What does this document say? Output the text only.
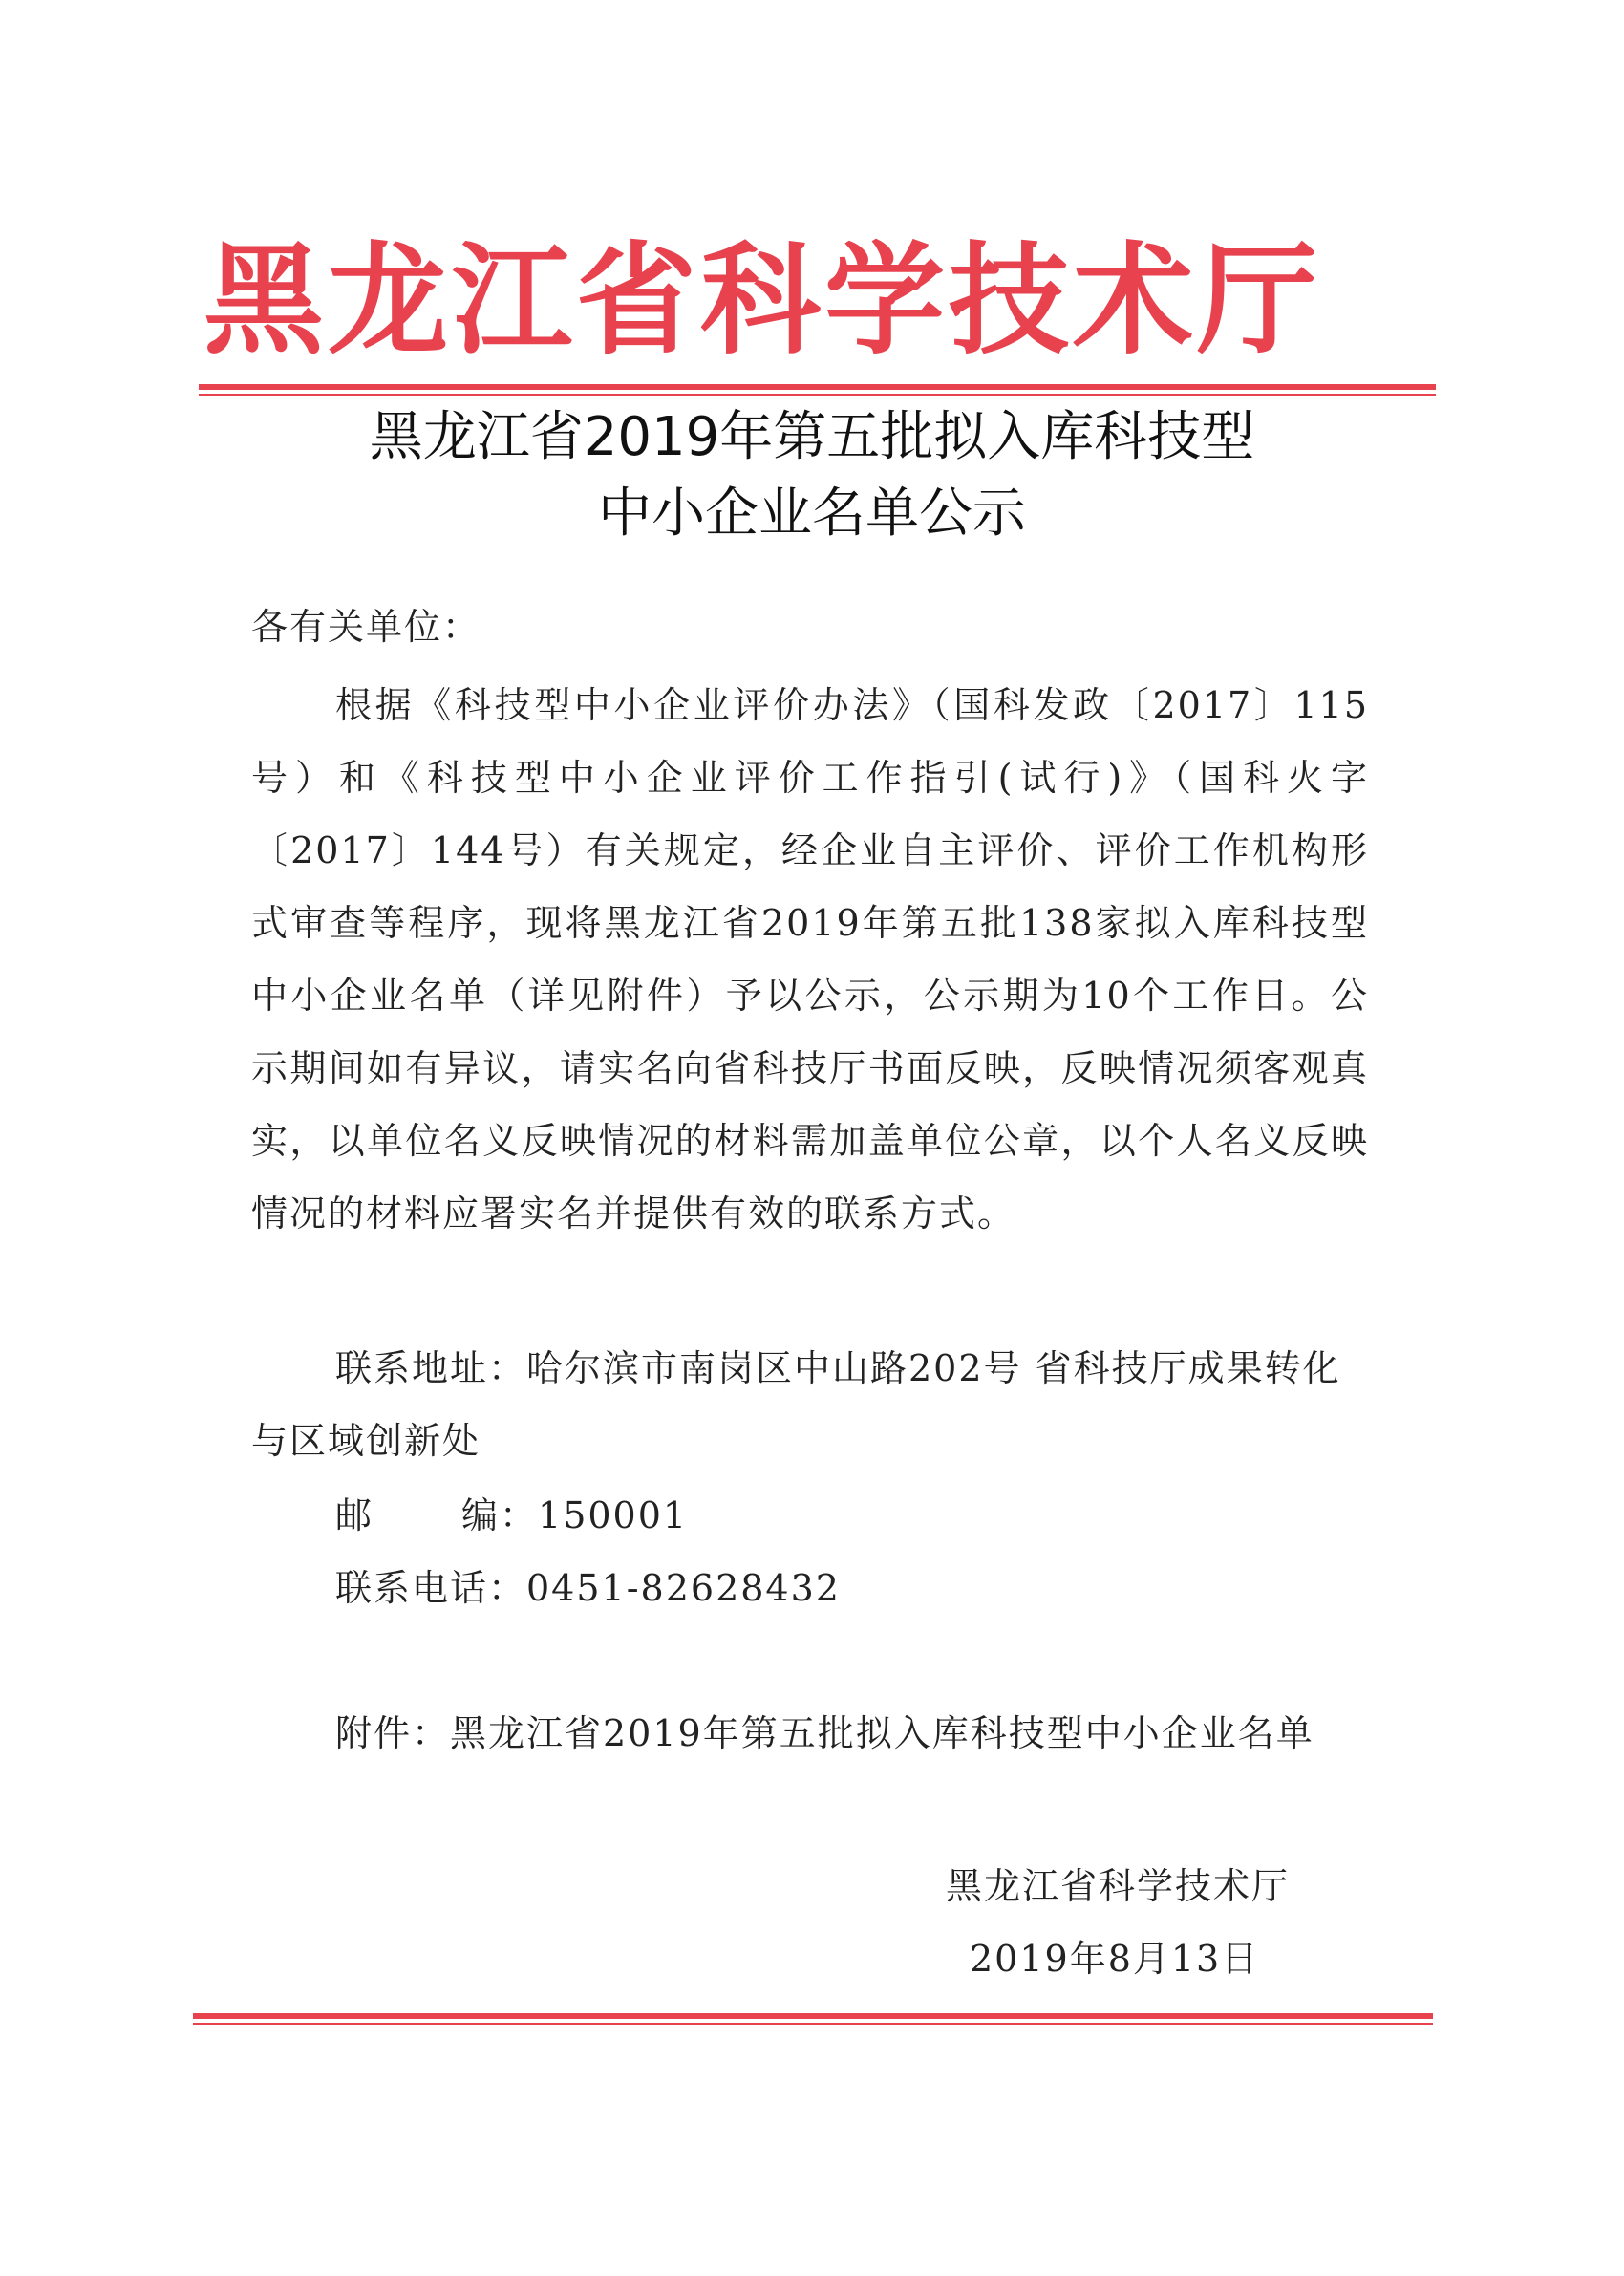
黑龙江省科学技术厅
黑龙江省2019年第五批拟入库科技型
中小企业名单公示
各有关单位：
根据《科技型中小企业评价办法》（国科发政〔2017〕115号）和《科技型中小企业评价工作指引(试行)》（国科火字〔2017〕144号）有关规定，经企业自主评价、评价工作机构形式审查等程序，现将黑龙江省2019年第五批138家拟入库科技型中小企业名单（详见附件）予以公示，公示期为10个工作日。公示期间如有异议，请实名向省科技厅书面反映，反映情况须客观真实，以单位名义反映情况的材料需加盖单位公章，以个人名义反映情况的材料应署实名并提供有效的联系方式。
联系地址：哈尔滨市南岗区中山路202号 省科技厅成果转化与区域创新处
邮 编：150001
联系电话：0451-82628432
附件：黑龙江省2019年第五批拟入库科技型中小企业名单
黑龙江省科学技术厅
2019年8月13日
